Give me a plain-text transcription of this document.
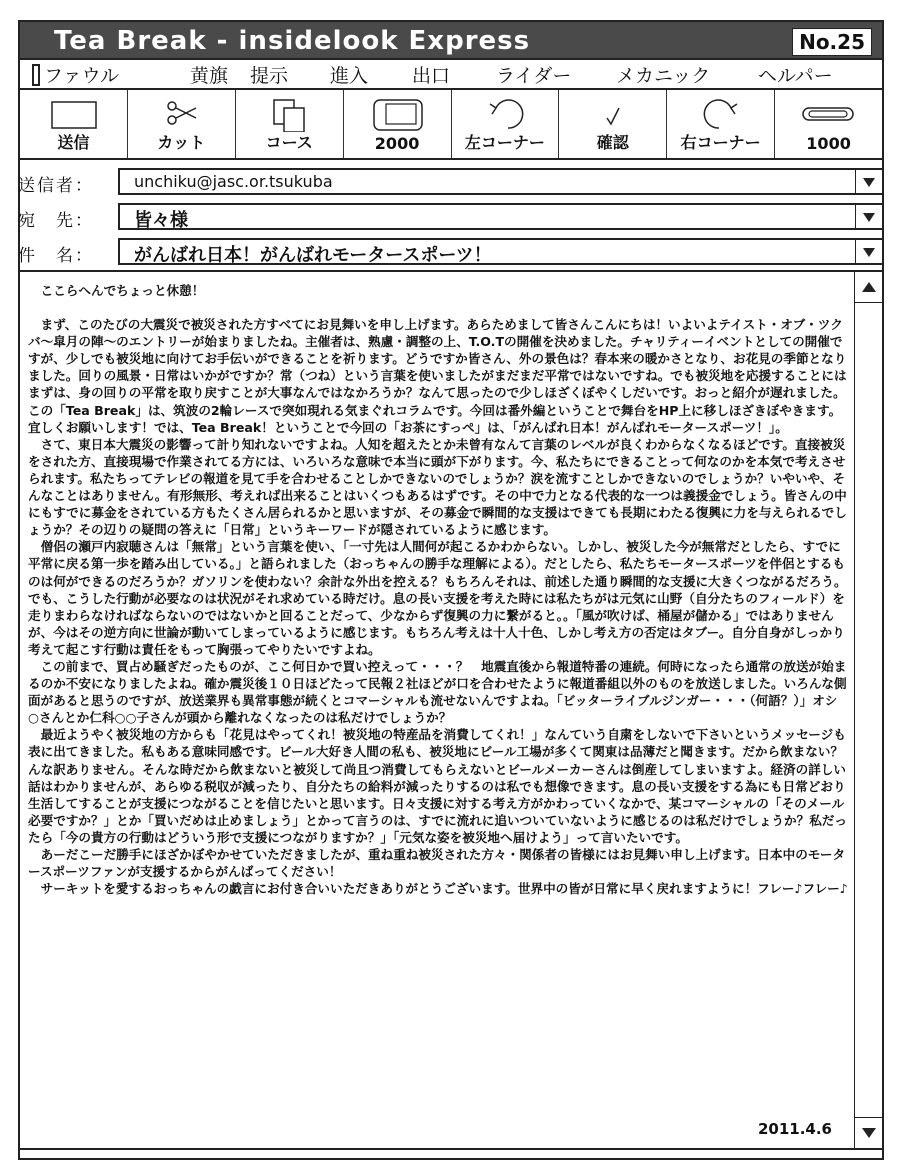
Tea Break - insidelook Express	No.25
ファウル	黄旗 提示 進入 出口 ライダー メカニック	ヘルパー
送信	カット	コース	2000	左コーナー	確認	右コーナー	1000
送信者：	unchiku@jasc.or.tsukuba
宛　先： 皆々様
件　名： がんばれ日本！がんばれモータースポーツ！

ここらへんでちょっと休憩！

まず、このたびの大震災で被災された方すべてにお見舞いを申し上げます。あらためまして皆さんこんにちは！いよいよテイスト・オブ・ツクバ～皐月の陣～のエントリーが始まりましたね。主催者は、熟慮・調整の上、T.O.Tの開催を決めました。チャリティーイベントとしての開催ですが、少しでも被災地に向けてお手伝いができることを祈ります。どうですか皆さん、外の景色は？春本来の暖かさとなり、お花見の季節となりました。回りの風景・日常はいかがですか？常（つね）という言葉を使いましたがまだまだ平常ではないですね。でも被災地を応援することにはまずは、身の回りの平常を取り戻すことが大事なんではなかろうか？なんて思ったので少しほざくぼやくしだいです。おっと紹介が遅れました。この「Tea Break」は、筑波の2輪レースで突如現れる気まぐれコラムです。今回は番外編ということで舞台をHP上に移しほざきぼやきます。宜しくお願いします！では、Tea Break！ということで今回の「お茶にすっぺ」は、「がんばれ日本！がんばれモータースポーツ！」。

さて、東日本大震災の影響って計り知れないですよね。人知を超えたとか未曾有なんて言葉のレベルが良くわからなくなるほどです。直接被災をされた方、直接現場で作業されてる方には、いろいろな意味で本当に頭が下がります。今、私たちにできることって何なのかを本気で考えさせられます。私たちってテレビの報道を見て手を合わせることしかできないのでしょうか？涙を流すことしかできないのでしょうか？いやいや、そんなことはありません。有形無形、考えれば出来ることはいくつもあるはずです。その中で力となる代表的な一つは義援金でしょう。皆さんの中にもすでに募金をされている方もたくさん居られるかと思いますが、その募金で瞬間的な支援はできても長期にわたる復興に力を与えられるでしょうか？その辺りの疑問の答えに「日常」というキーワードが隠されているように感じます。

僧侶の瀬戸内寂聴さんは「無常」という言葉を使い、「一寸先は人間何が起こるかわからない。しかし、被災した今が無常だとしたら、すでに平常に戻る第一歩を踏み出している。」と語られました（おっちゃんの勝手な理解による）。だとしたら、私たちモータースポーツを伴侶とするものは何ができるのだろうか？ガソリンを使わない？余計な外出を控える？もちろんそれは、前述した通り瞬間的な支援に大きくつながるだろう。でも、こうした行動が必要なのは状況がそれ求めている時だけ。息の長い支援を考えた時には私たちがは元気に山野（自分たちのフィールド）を走りまわらなければならないのではないかと回ることだって、少なからず復興の力に繋がると。。「風が吹けば、桶屋が儲かる」ではありませんが、今はその逆方向に世論が動いてしまっているように感じます。もちろん考えは十人十色、しかし考え方の否定はタブー。自分自身がしっかり考えて起こす行動は責任をもって胸張ってやりたいですよね。

この前まで、買占め騒ぎだったものが、ここ何日かで買い控えって・・・？　地震直後から報道特番の連続。何時になったら通常の放送が始まるのか不安になりましたよね。確か震災後１０日ほどたって民報２社ほどが口を合わせたように報道番組以外のものを放送しました。いろんな側面があると思うのですが、放送業界も異常事態が続くとコマーシャルも流せないんですよね。「ビッターライブルジンガー・・・（何語？）」オシ○さんとか仁科○○子さんが頭から離れなくなったのは私だけでしょうか？

最近ようやく被災地の方からも「花見はやってくれ！被災地の特産品を消費してくれ！」なんていう自粛をしないで下さいというメッセージも表に出てきました。私もある意味同感です。ビール大好き人間の私も、被災地にビール工場が多くて関東は品薄だと聞きます。だから飲まない？んな訳ありません。そんな時だから飲まないと被災して尚且つ消費してもらえないとビールメーカーさんは倒産してしまいますよ。経済の詳しい話はわかりませんが、あらゆる税収が減ったり、自分たちの給料が減ったりするのは私でも想像できます。息の長い支援をする為にも日常どおり生活してすることが支援につながることを信じたいと思います。日々支援に対する考え方がかわっていくなかで、某コマーシャルの「そのメール必要ですか？」とか「買いだめは止めましょう」とかって言うのは、すでに流れに追いついていないように感じるのは私だけでしょうか？私だったら「今の貴方の行動はどういう形で支援につながりますか？」「元気な姿を被災地へ届けよう」って言いたいです。

あーだこーだ勝手にほざかぼやかせていただきましたが、重ね重ね被災された方々・関係者の皆様にはお見舞い申し上げます。日本中のモータースポーツファンが支援するからがんばってください！

サーキットを愛するおっちゃんの戯言にお付き合いいただきありがとうございます。世界中の皆が日常に早く戻れますように！フレー♪フレー♪

2011.4.6
